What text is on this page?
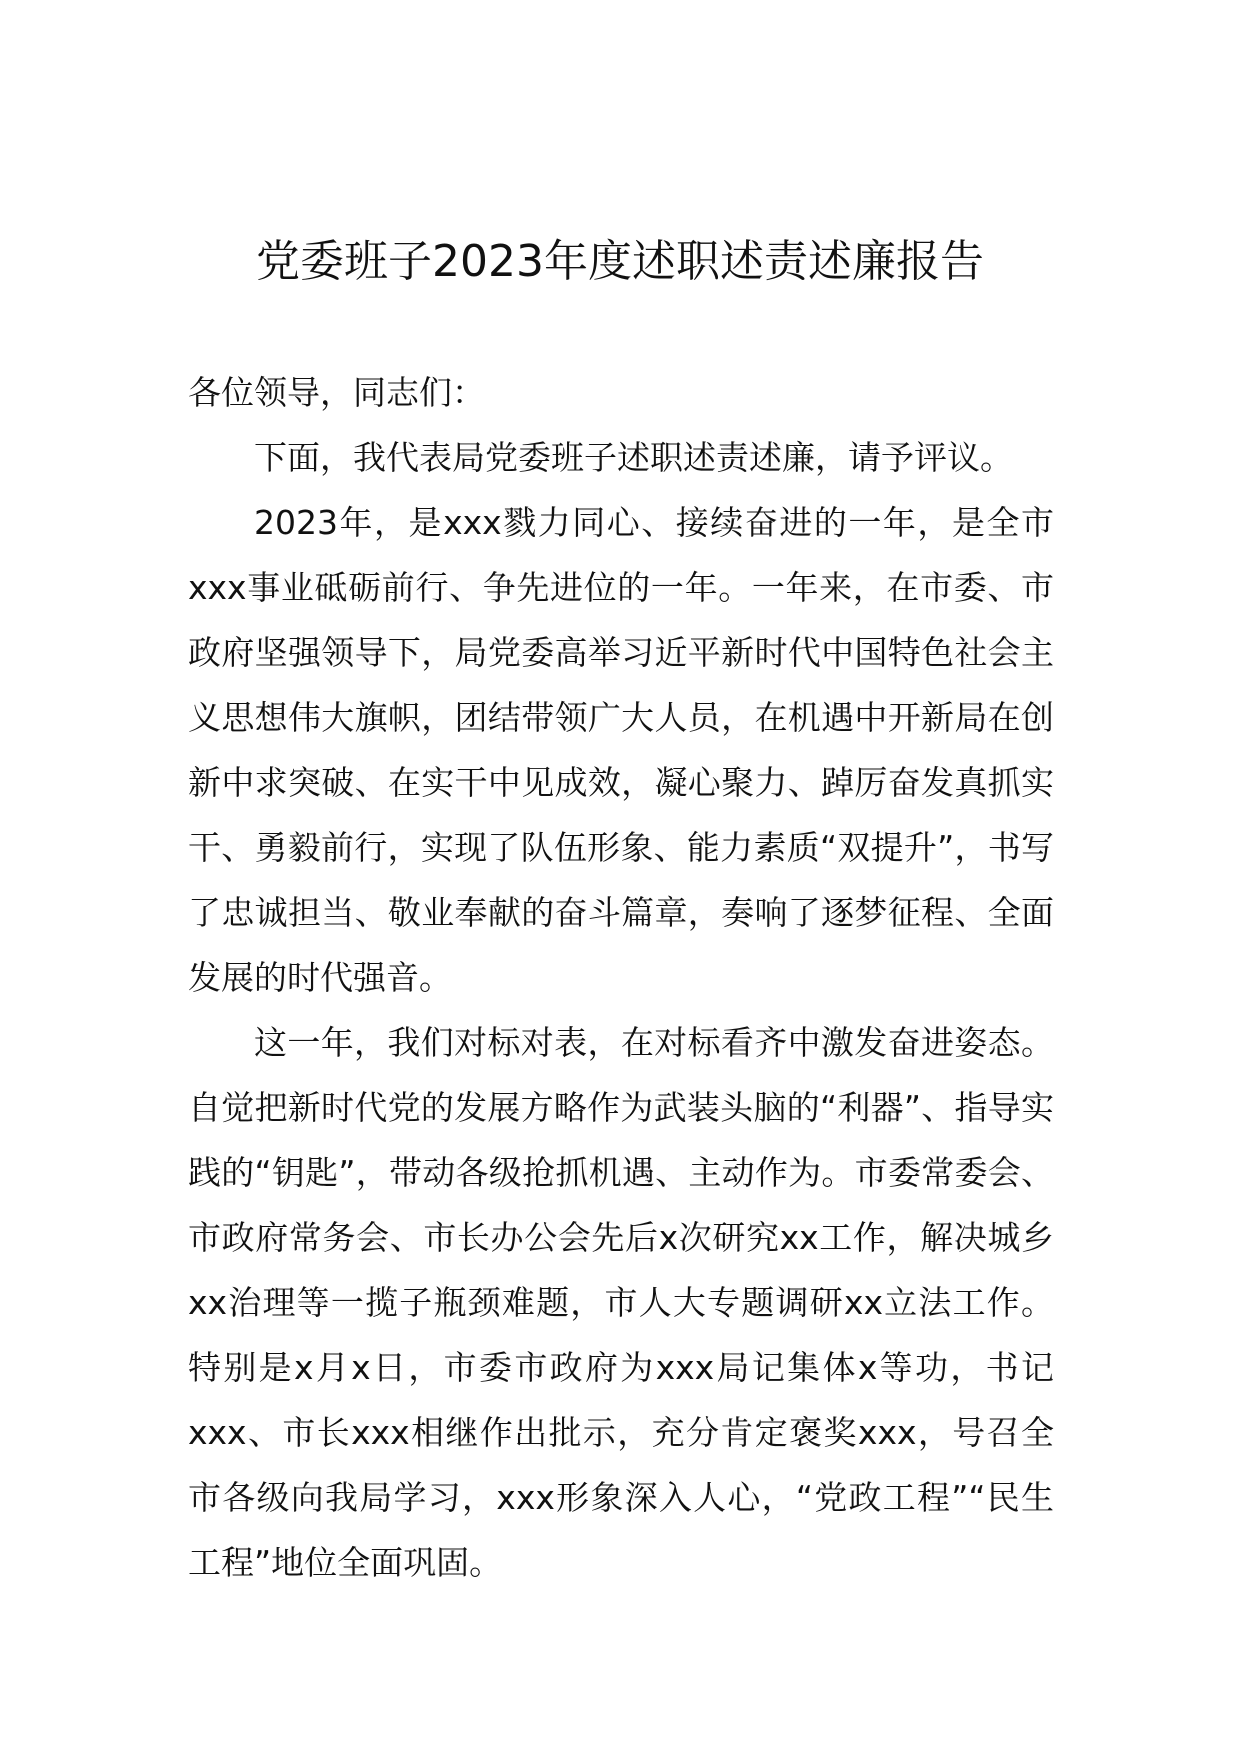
党委班子2023年度述职述责述廉报告

各位领导，同志们：

下面，我代表局党委班子述职述责述廉，请予评议。

2023年，是xxx戮力同心、接续奋进的一年，是全市xxx事业砥砺前行、争先进位的一年。一年来，在市委、市政府坚强领导下，局党委高举习近平新时代中国特色社会主义思想伟大旗帜，团结带领广大人员，在机遇中开新局在创新中求突破、在实干中见成效，凝心聚力、踔厉奋发真抓实干、勇毅前行，实现了队伍形象、能力素质“双提升”，书写了忠诚担当、敬业奉献的奋斗篇章，奏响了逐梦征程、全面发展的时代强音。

这一年，我们对标对表，在对标看齐中激发奋进姿态。自觉把新时代党的发展方略作为武装头脑的“利器”、指导实践的“钥匙”，带动各级抢抓机遇、主动作为。市委常委会、市政府常务会、市长办公会先后x次研究xx工作，解决城乡xx治理等一揽子瓶颈难题，市人大专题调研xx立法工作。特别是x月x日，市委市政府为xxx局记集体x等功，书记xxx、市长xxx相继作出批示，充分肯定褒奖xxx，号召全市各级向我局学习，xxx形象深入人心，“党政工程”“民生工程”地位全面巩固。
